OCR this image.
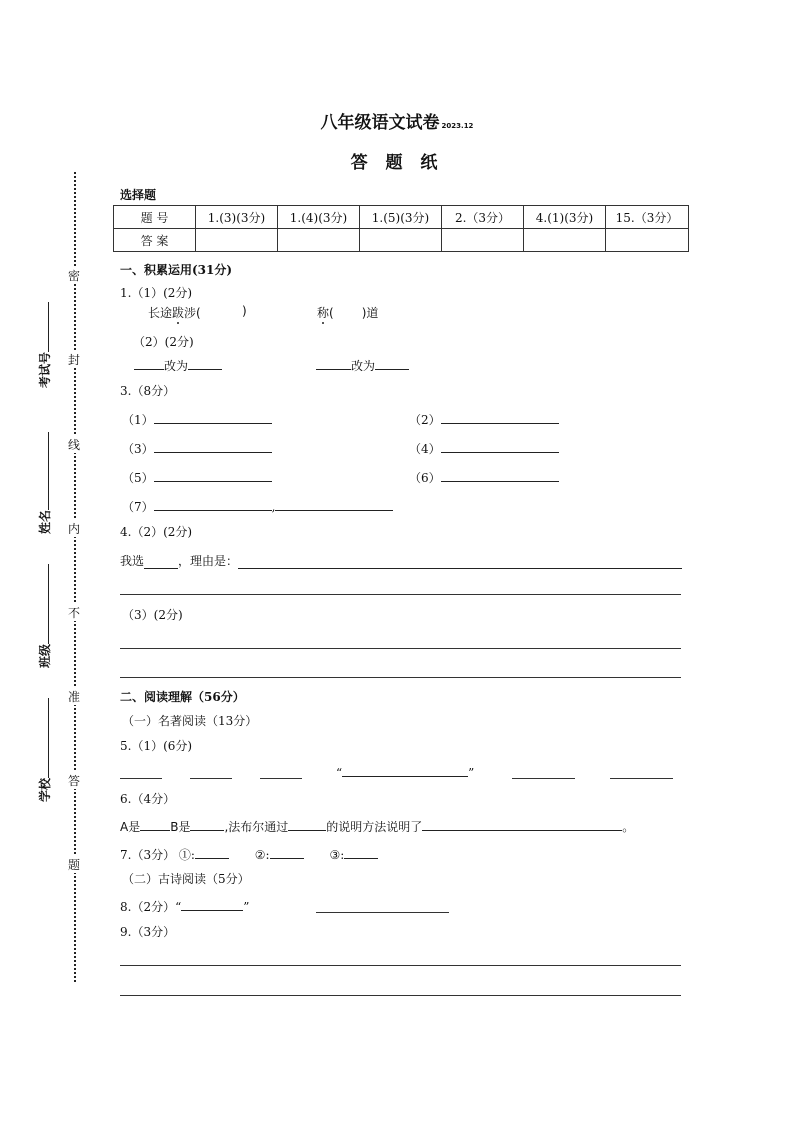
八年级语文试卷 2023.12
答 题 纸
密
封
线
内
不
准
答
题
考试号
姓名
班级
学校
选择题
题 号	1.(3)(3分)	1.(4)(3分)	1.(5)(3分)	2.（3分）	4.(1)(3分)	15.（3分）
答 案						
一、积累运用(31分)
1.（1）(2分)
长途跋涉(	)	称( )道
（2）(2分)
改为	改为
3.（8分）
（1）	（2）
（3）	（4）
（5）	（6）
（7）	,
4.（2）(2分)
我选	，理由是：
（3）(2分)
二、阅读理解（56分）
（一）名著阅读（13分）
5.（1）(6分)
“	”
6.（4分）
A是	B是	,法布尔通过	的说明方法说明了	。
7.（3分） ①:	②:	③:
（二）古诗阅读（5分）
8.（2分）“	”
9.（3分）
